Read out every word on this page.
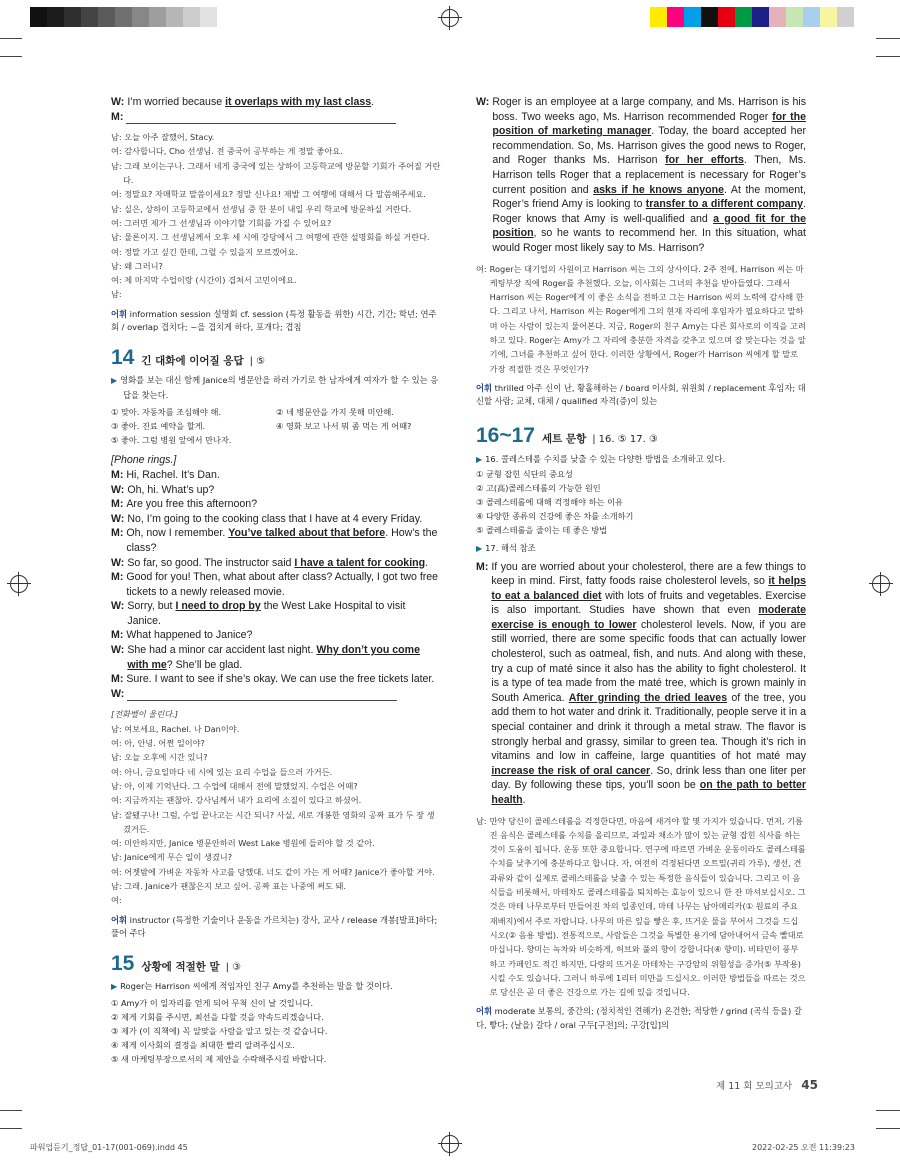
W: I’m worried because it overlaps with my last class.
M:
남: 오늘 아주 잘했어, Stacy.
여: 감사합니다, Cho 선생님. 전 중국어 공부하는 게 정말 좋아요.
남: 그래 보이는구나. 그래서 네게 중국에 있는 상하이 고등학교에 방문할 기회가 주어질 거란다.
여: 정말요? 자매학교 말씀이세요? 정말 신나요! 제발 그 여행에 대해서 다 말씀해주세요.
남: 실은, 상하이 고등학교에서 선생님 중 한 분이 내일 우리 학교에 방문하실 거란다.
여: 그러면 제가 그 선생님과 이야기할 기회를 가질 수 있어요?
남: 물론이지. 그 선생님께서 오후 세 시에 강당에서 그 여행에 관한 설명회를 하실 거란다.
여: 정말 가고 싶긴 한데, 그럴 수 있을지 모르겠어요.
남: 왜 그러니?
여: 제 마지막 수업이랑 (시간이) 겹쳐서 고민이에요.
남:
어휘 information session 설명회 cf. session (특정 활동을 위한) 시간, 기간; 학년; 연주회 / overlap 겹치다; ~을 겹치게 하다, 포개다; 겹침
14 긴 대화에 이어질 응답 |
⑤
▶ 영화를 보는 대신 함께 Janice의 병문안을 하러 가기로 한 남자에게 여자가 할 수 있는 응답을 찾는다.
① 맞아. 자동차를 조심해야 해.	② 네 병문안을 가지 못해 미안해.
③ 좋아. 진료 예약을 할게.	④ 영화 보고 나서 뭐 좀 먹는 게 어때?
⑤ 좋아. 그럼 병원 앞에서 만나자.
[Phone rings.]
M: Hi, Rachel. It’s Dan.
W: Oh, hi. What’s up?
M: Are you free this afternoon?
W: No, I’m going to the cooking class that I have at 4 every Friday.
M: Oh, now I remember. You’ve talked about that before. How’s the class?
W: So far, so good. The instructor said I have a talent for cooking.
M: Good for you! Then, what about after class? Actually, I got two free tickets to a newly released movie.
W: Sorry, but I need to drop by the West Lake Hospital to visit Janice.
M: What happened to Janice?
W: She had a minor car accident last night. Why don’t you come with me? She’ll be glad.
M: Sure. I want to see if she’s okay. We can use the free tickets later.
W:
[전화벨이 울린다.]
남: 여보세요, Rachel. 나 Dan이야.
여: 아, 안녕. 어쩐 일이야?
남: 오늘 오후에 시간 있니?
여: 아니, 금요일마다 네 시에 있는 요리 수업을 들으러 가거든.
남: 아, 이제 기억난다. 그 수업에 대해서 전에 말했었지. 수업은 어때?
여: 지금까지는 괜찮아. 강사님께서 내가 요리에 소질이 있다고 하셨어.
남: 잘됐구나! 그럼, 수업 끝나고는 시간 되니? 사실, 새로 개봉한 영화의 공짜 표가 두 장 생겼거든.
여: 미안하지만, Janice 병문안하러 West Lake 병원에 들러야 할 것 같아.
남: Janice에게 무슨 일이 생겼니?
여: 어젯밤에 가벼운 자동차 사고를 당했대. 너도 같이 가는 게 어때? Janice가 좋아할 거야.
남: 그래. Janice가 괜찮은지 보고 싶어. 공짜 표는 나중에 써도 돼.
여:
어휘 instructor (특정한 기술이나 운동을 가르치는) 강사, 교사 / release 개봉[발표]하다; 풀어 주다
15 상황에 적절한 말 |
③
▶ Roger는 Harrison 씨에게 적임자인 친구 Amy를 추천하는 말을 할 것이다.
① Amy가 이 일자리를 얻게 되어 무척 신이 날 것입니다.
② 제게 기회를 주시면, 최선을 다할 것을 약속드리겠습니다.
③ 제가 (이 직책에) 꼭 알맞을 사람을 알고 있는 것 같습니다.
④ 제게 이사회의 결정을 최대한 빨리 알려주십시오.
⑤ 새 마케팅부장으로서의 제 제안을 수락해주시길 바랍니다.
W: Roger is an employee at a large company, and Ms. Harrison is his boss. Two weeks ago, Ms. Harrison recommended Roger for the position of marketing manager. Today, the board accepted her recommendation. So, Ms. Harrison gives the good news to Roger, and Roger thanks Ms. Harrison for her efforts. Then, Ms. Harrison tells Roger that a replacement is necessary for Roger’s current position and asks if he knows anyone. At the moment, Roger’s friend Amy is looking to transfer to a different company. Roger knows that Amy is well-qualified and a good fit for the position, so he wants to recommend her. In this situation, what would Roger most likely say to Ms. Harrison?
여: Roger는 대기업의 사원이고 Harrison 씨는 그의 상사이다. 2주 전에, Harrison 씨는 마케팅부장 직에 Roger를 추천했다. 오늘, 이사회는 그녀의 추천을 받아들였다. 그래서 Harrison 씨는 Roger에게 이 좋은 소식을 전하고 그는 Harrison 씨의 노력에 감사해 한다. 그리고 나서, Harrison 씨는 Roger에게 그의 현재 자리에 후임자가 필요하다고 말하며 아는 사람이 있는지 물어본다. 지금, Roger의 친구 Amy는 다른 회사로의 이직을 고려하고 있다. Roger는 Amy가 그 자리에 충분한 자격을 갖추고 있으며 잘 맞는다는 것을 알기에, 그녀를 추천하고 싶어 한다. 이러한 상황에서, Roger가 Harrison 씨에게 할 말로 가장 적절한 것은 무엇인가?
어휘 thrilled 아주 신이 난, 황홀해하는 / board 이사회, 위원회 / replacement 후임자; 대신할 사람; 교체, 대체 / qualified 자격(증)이 있는
16~17 세트 문항 |
16. ⑤ 17. ③
▶ 16. 콜레스테롤 수치를 낮출 수 있는 다양한 방법을 소개하고 있다.
① 균형 잡힌 식단의 중요성
② 고(高)콜레스테롤의 가능한 원인
③ 콜레스테롤에 대해 걱정해야 하는 이유
④ 다양한 종류의 건강에 좋은 차를 소개하기
⑤ 콜레스테롤을 줄이는 데 좋은 방법
▶ 17. 해석 참조
M: If you are worried about your cholesterol, there are a few things to keep in mind. First, fatty foods raise cholesterol levels, so it helps to eat a balanced diet with lots of fruits and vegetables. Exercise is also important. Studies have shown that even moderate exercise is enough to lower cholesterol levels. Now, if you are still worried, there are some specific foods that can actually lower cholesterol, such as oatmeal, fish, and nuts. And along with these, try a cup of maté since it also has the ability to fight cholesterol. It is a type of tea made from the maté tree, which is grown mainly in South America. After grinding the dried leaves of the tree, you add them to hot water and drink it. Traditionally, people serve it in a special container and drink it through a metal straw. The flavor is strongly herbal and grassy, similar to green tea. Though it’s rich in vitamins and low in caffeine, large quantities of hot maté may increase the risk of oral cancer. So, drink less than one liter per day. By following these tips, you’ll soon be on the path to better health.
남: 만약 당신이 콜레스테롤을 걱정한다면, 마음에 새겨야 할 몇 가지가 있습니다. 먼저, 기름진 음식은 콜레스테롤 수치를 올리므로, 과일과 채소가 많이 있는 균형 잡힌 식사를 하는 것이 도움이 됩니다. 운동 또한 중요합니다. 연구에 따르면 가벼운 운동이라도 콜레스테롤 수치를 낮추기에 충분하다고 합니다. 자, 여전히 걱정된다면 오트밀(귀리 가루), 생선, 견과류와 같이 실제로 콜레스테롤을 낮출 수 있는 특정한 음식들이 있습니다. 그리고 이 음식들을 비롯해서, 마테차도 콜레스테롤을 퇴치하는 효능이 있으니 한 잔 마셔보십시오. 그것은 마테 나무로부터 만들어진 차의 일종인데, 마테 나무는 남아메리카(① 원료의 주요 재배지)에서 주로 자랍니다. 나무의 마른 잎을 빻은 후, 뜨거운 물을 부어서 그것을 드십시오(② 음용 방법). 전통적으로, 사람들은 그것을 특별한 용기에 담아내어서 금속 빨대로 마십니다. 향미는 녹차와 비슷하게, 허브와 풀의 향이 강합니다(④ 향미). 비타민이 풍부하고 카페인도 적긴 하지만, 다량의 뜨거운 마테차는 구강암의 위험성을 증가(⑤ 부작용)시킬 수도 있습니다. 그러니 하루에 1리터 미만을 드십시오. 이러한 방법들을 따르는 것으로 당신은 곧 더 좋은 건강으로 가는 길에 있을 것입니다.
어휘 moderate 보통의, 중간의; (정치적인 견해가) 온건한; 적당한 / grind (곡식 등을) 갈다, 빻다; (날을) 갈다 / oral 구두[구전]의; 구강[입]의
제 11 회 모의고사 45
파워업듣기_정답_01-17(001-069).indd 45	2022-02-25 오전 11:39:23
